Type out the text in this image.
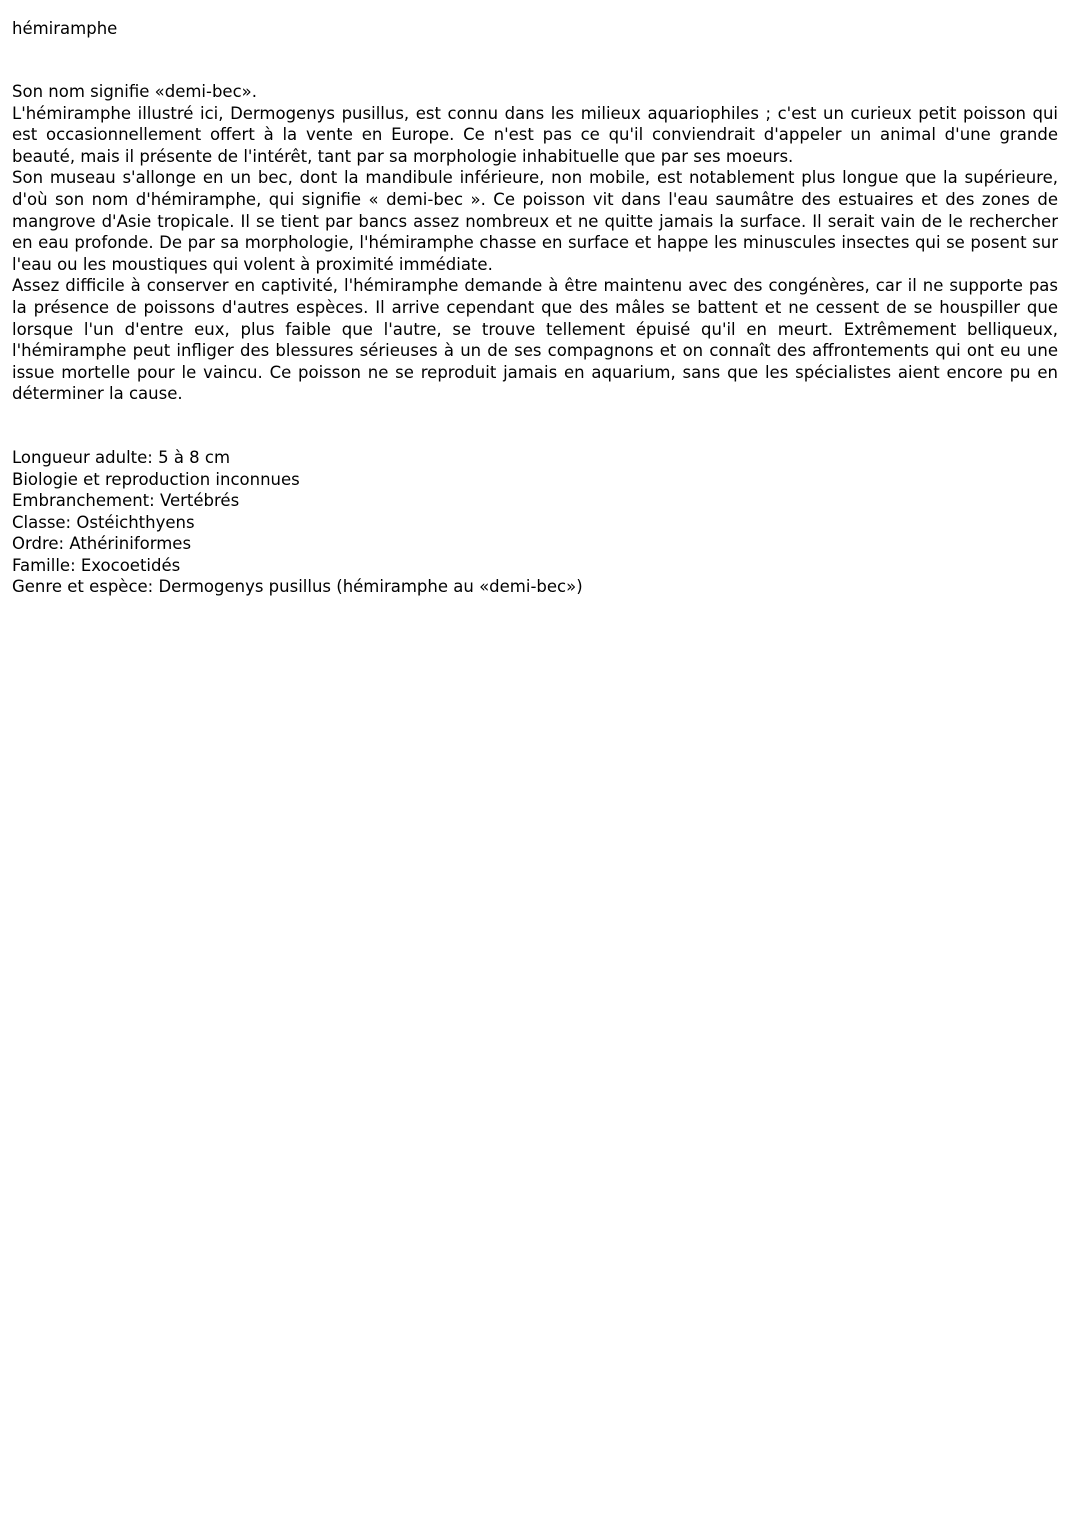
hémiramphe

Son nom signifie «demi-bec».

L'hémiramphe illustré ici, Dermogenys pusillus, est connu dans les milieux aquariophiles ; c'est un curieux petit poisson qui est occasionnellement offert à la vente en Europe. Ce n'est pas ce qu'il conviendrait d'appeler un animal d'une grande beauté, mais il présente de l'intérêt, tant par sa morphologie inhabituelle que par ses moeurs.

Son museau s'allonge en un bec, dont la mandibule inférieure, non mobile, est notablement plus longue que la supérieure, d'où son nom d'hémiramphe, qui signifie « demi-bec ». Ce poisson vit dans l'eau saumâtre des estuaires et des zones de mangrove d'Asie tropicale. Il se tient par bancs assez nombreux et ne quitte jamais la surface. Il serait vain de le rechercher en eau profonde. De par sa morphologie, l'hémiramphe chasse en surface et happe les minuscules insectes qui se posent sur l'eau ou les moustiques qui volent à proximité immédiate.

Assez difficile à conserver en captivité, l'hémiramphe demande à être maintenu avec des congénères, car il ne supporte pas la présence de poissons d'autres espèces. Il arrive cependant que des mâles se battent et ne cessent de se houspiller que lorsque l'un d'entre eux, plus faible que l'autre, se trouve tellement épuisé qu'il en meurt. Extrêmement belliqueux, l'hémiramphe peut infliger des blessures sérieuses à un de ses compagnons et on connaît des affrontements qui ont eu une issue mortelle pour le vaincu. Ce poisson ne se reproduit jamais en aquarium, sans que les spécialistes aient encore pu en déterminer la cause.

Longueur adulte: 5 à 8 cm
Biologie et reproduction inconnues
Embranchement: Vertébrés
Classe: Ostéichthyens
Ordre: Athériniformes
Famille: Exocoetidés
Genre et espèce: Dermogenys pusillus (hémiramphe au «demi-bec»)
